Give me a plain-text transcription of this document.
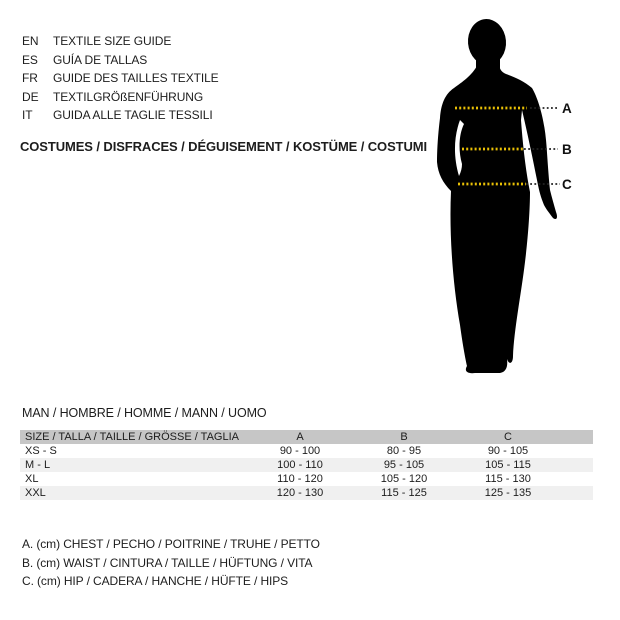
EN	TEXTILE SIZE GUIDE
ES	GUÍA DE TALLAS
FR	GUIDE DES TAILLES TEXTILE
DE	TEXTILGRÖßENFÜHRUNG
IT	GUIDA ALLE TAGLIE TESSILI
COSTUMES / DISFRACES / DÉGUISEMENT / KOSTÜME / COSTUMI
A
B
C
MAN / HOMBRE / HOMME / MANN / UOMO
SIZE / TALLA / TAILLE / GRÖSSE / TAGLIA	A	B	C	
XS - S	90 - 100	80 - 95	90 - 105	
M - L	100 - 110	95 - 105	105 - 115	
XL	110 - 120	105 - 120	115 - 130	
XXL	120 - 130	115 - 125	125 - 135	
A. (cm) CHEST / PECHO / POITRINE / TRUHE / PETTO
B. (cm) WAIST / CINTURA / TAILLE / HÜFTUNG / VITA
C. (cm) HIP / CADERA / HANCHE / HÜFTE / HIPS
